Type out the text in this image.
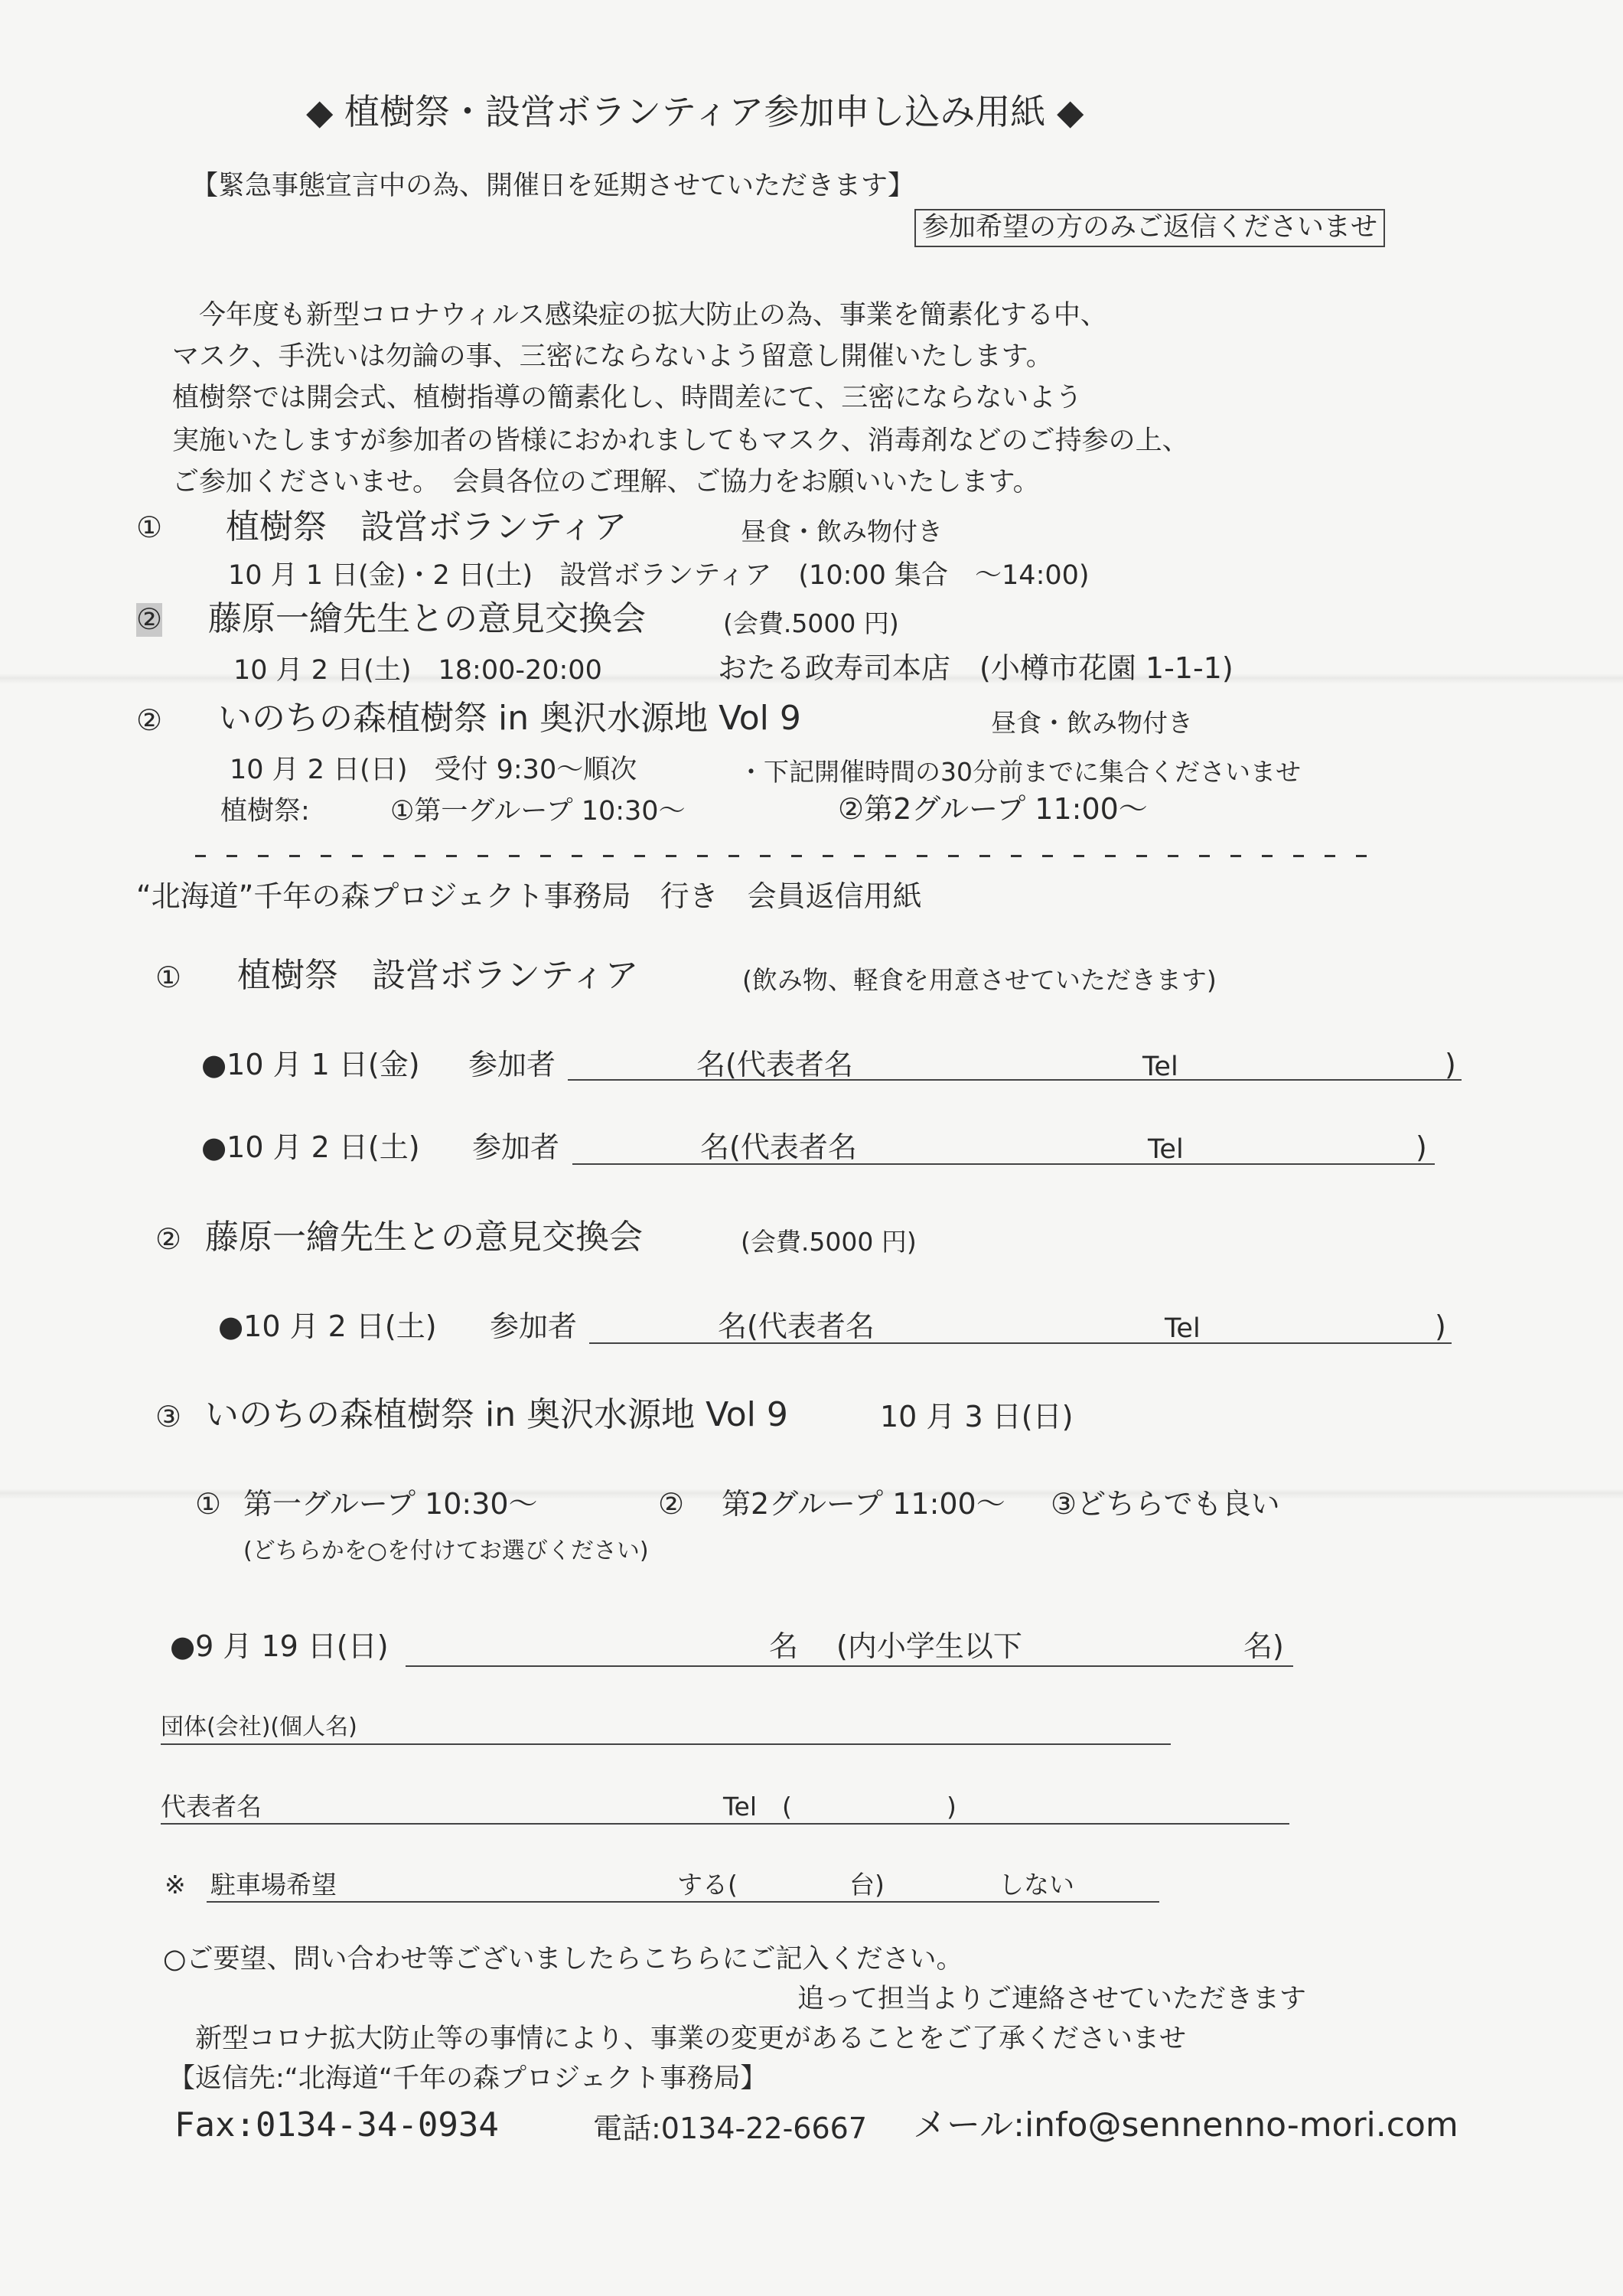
◆ 植樹祭・設営ボランティア参加申し込み用紙 ◆
【緊急事態宣言中の為、開催日を延期させていただきます】
参加希望の方のみご返信くださいませ
今年度も新型コロナウィルス感染症の拡大防止の為、事業を簡素化する中、
マスク、手洗いは勿論の事、三密にならないよう留意し開催いたします。
植樹祭では開会式、植樹指導の簡素化し、時間差にて、三密にならないよう
実施いたしますが参加者の皆様におかれましてもマスク、消毒剤などのご持参の上、
ご参加くださいませ。　会員各位のご理解、ご協力をお願いいたします。
① 植樹祭　設営ボランティア	昼食・飲み物付き
10 月 1 日(金)・2 日(土)　設営ボランティア　(10:00 集合　～14:00)
② 藤原一繪先生との意見交換会	(会費.5000 円)
10 月 2 日(土)　18:00-20:00	おたる政寿司本店　(小樽市花園 1-1-1)
② いのちの森植樹祭 in 奥沢水源地 Vol 9	昼食・飲み物付き
10 月 2 日(日)　受付 9:30～順次	・下記開催時間の30分前までに集合くださいませ
植樹祭:	①第一グループ 10:30～	②第2グループ 11:00～
“北海道”千年の森プロジェクト事務局　行き　会員返信用紙
① 植樹祭　設営ボランティア	(飲み物、軽食を用意させていただきます)
●10 月 1 日(金) 参加者	名(代表者名	Tel	)
●10 月 2 日(土) 参加者	名(代表者名	Tel	)
② 藤原一繪先生との意見交換会	(会費.5000 円)
●10 月 2 日(土) 参加者	名(代表者名	Tel	)
③ いのちの森植樹祭 in 奥沢水源地 Vol 9	10 月 3 日(日)
① 第一グループ 10:30～	② 第2グループ 11:00～ ③どちらでも良い
(どちらかを○を付けてお選びください)
●9 月 19 日(日)	名 (内小学生以下	名)
団体(会社)(個人名)
代表者名	Tel　(	)
※ 駐車場希望	する(	台)	しない
○ご要望、問い合わせ等ございましたらこちらにご記入ください。
追って担当よりご連絡させていただきます
新型コロナ拡大防止等の事情により、事業の変更があることをご了承くださいませ
【返信先:“北海道“千年の森プロジェクト事務局】
Fax:0134-34-0934	電話:0134-22-6667 メール:info@sennenno-mori.com
